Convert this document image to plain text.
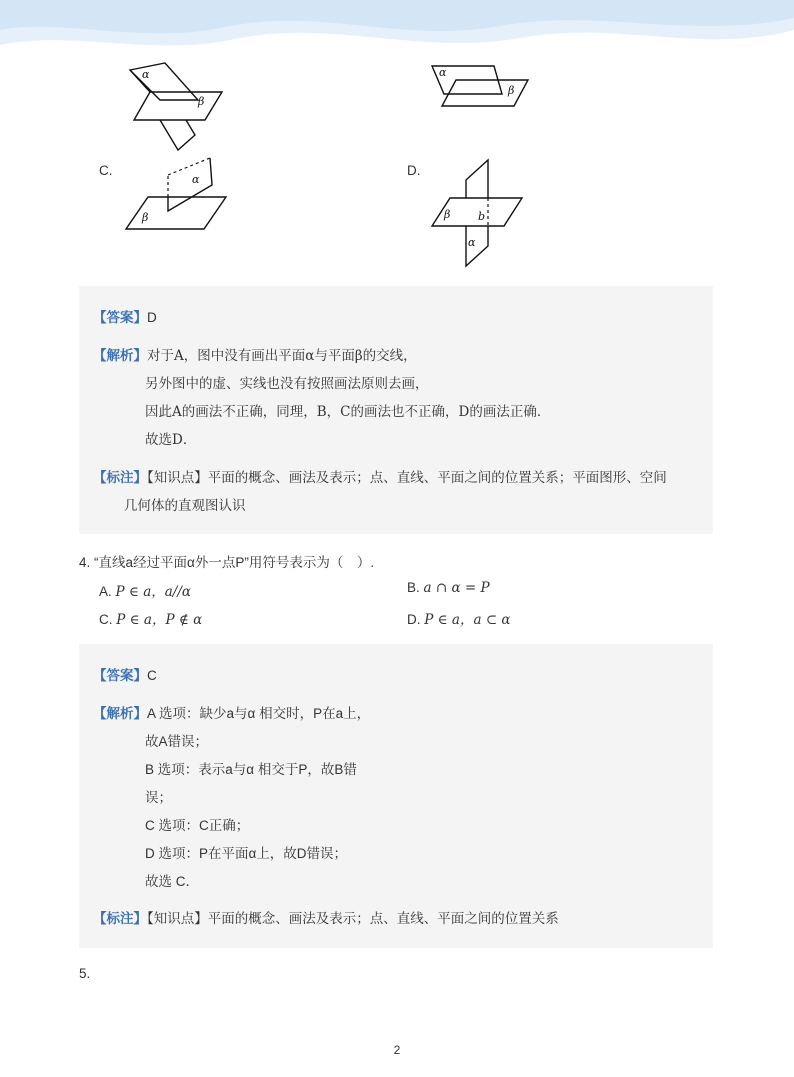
α
β
α
β
C.
α
β
D.
β	b
α
【答案】D
【解析】对于A，图中没有画出平面α与平面β的交线，
另外图中的虚、实线也没有按照画法原则去画，
因此A的画法不正确，同理，B，C的画法也不正确，D的画法正确．
故选D．
【标注】【知识点】平面的概念、画法及表示；点、直线、平面之间的位置关系；平面图形、空间
几何体的直观图认识
4. “直线a经过平面α外一点P”用符号表示为（　）.
A. P ∈ a，a//α	B. a ∩ α = P
C. P ∈ a，P ∉ α	D. P ∈ a，a ⊂ α
【答案】C
【解析】A 选项：缺少a与α 相交时，P在a上，
故A错误；
B 选项：表示a与α 相交于P，故B错
误；
C 选项：C正确；
D 选项：P在平面α上，故D错误；
故选 C．
【标注】【知识点】平面的概念、画法及表示；点、直线、平面之间的位置关系
5.
2
